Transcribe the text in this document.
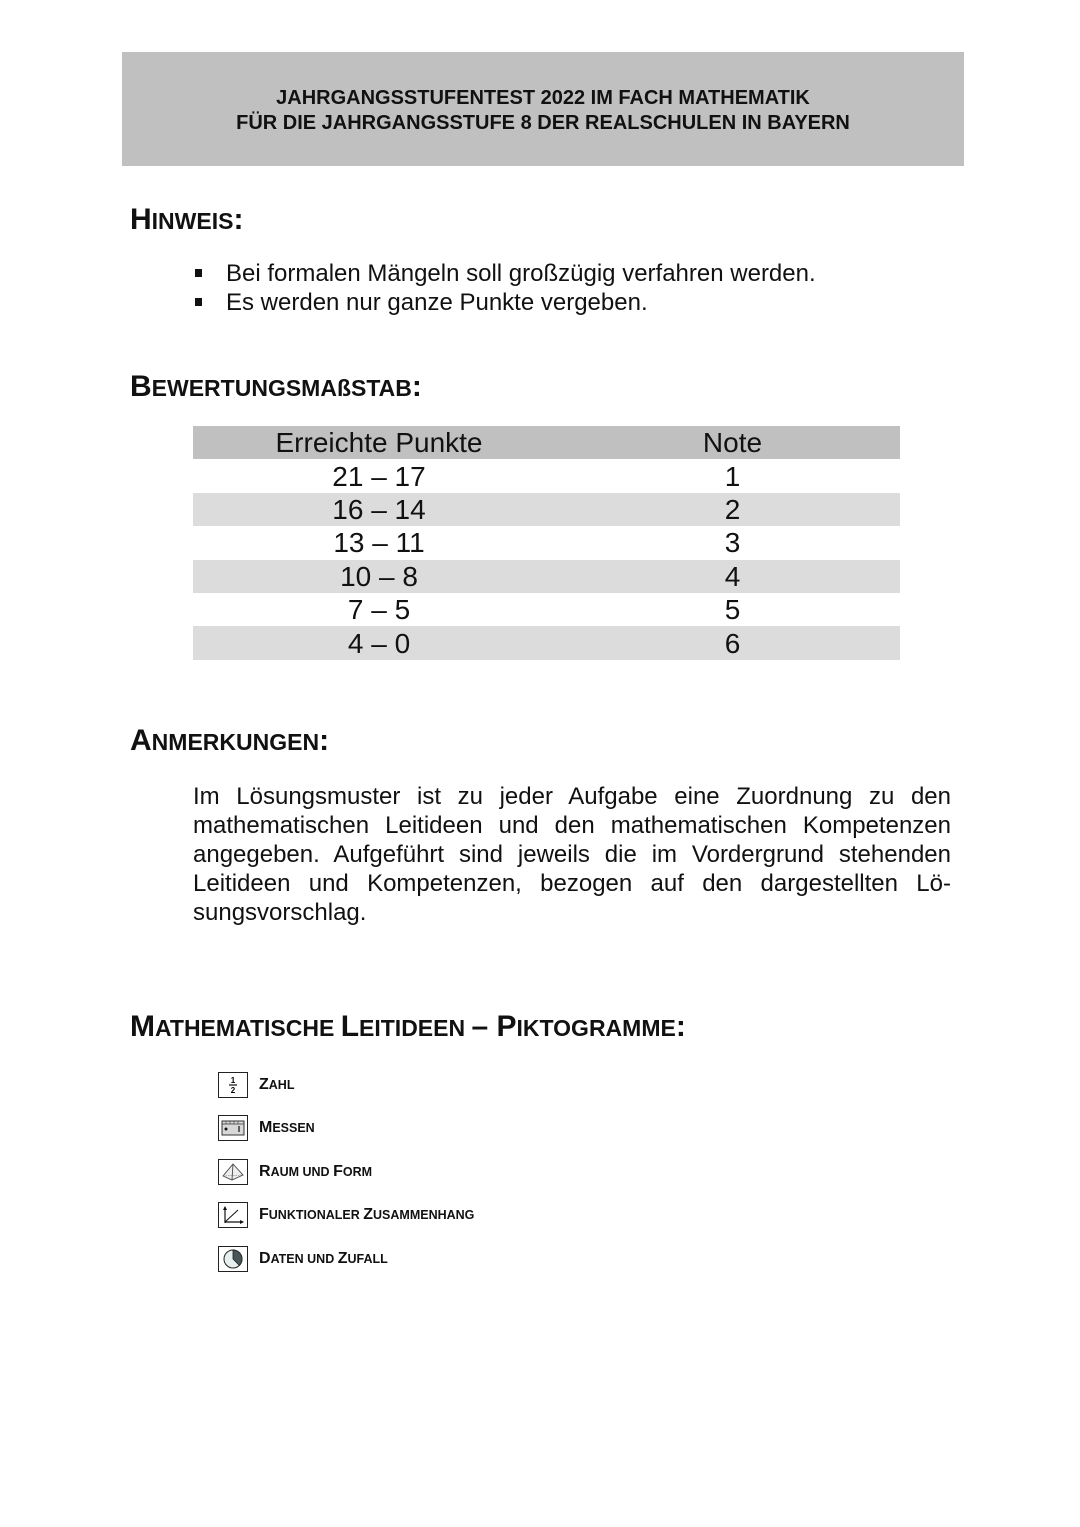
JAHRGANGSSTUFENTEST 2022 IM FACH MATHEMATIK
FÜR DIE JAHRGANGSSTUFE 8 DER REALSCHULEN IN BAYERN
HINWEIS:
Bei formalen Mängeln soll großzügig verfahren werden.
Es werden nur ganze Punkte vergeben.
BEWERTUNGSMAßSTAB:
Erreichte Punkte	Note
21 – 17	1
16 – 14	2
13 – 11	3
10 – 8	4
7 – 5	5
4 – 0	6
ANMERKUNGEN:
Im Lösungsmuster ist zu jeder Aufgabe eine Zuordnung zu den mathematischen Leitideen und den mathematischen Kompetenzen angegeben. Aufgeführt sind jeweils die im Vordergrund stehenden Leitideen und Kompetenzen, bezogen auf den dargestellten Lösungsvorschlag.
MATHEMATISCHE LEITIDEEN – PIKTOGRAMME:
1
2 ZAHL
MESSEN
RAUM UND FORM
FUNKTIONALER ZUSAMMENHANG
DATEN UND ZUFALL
